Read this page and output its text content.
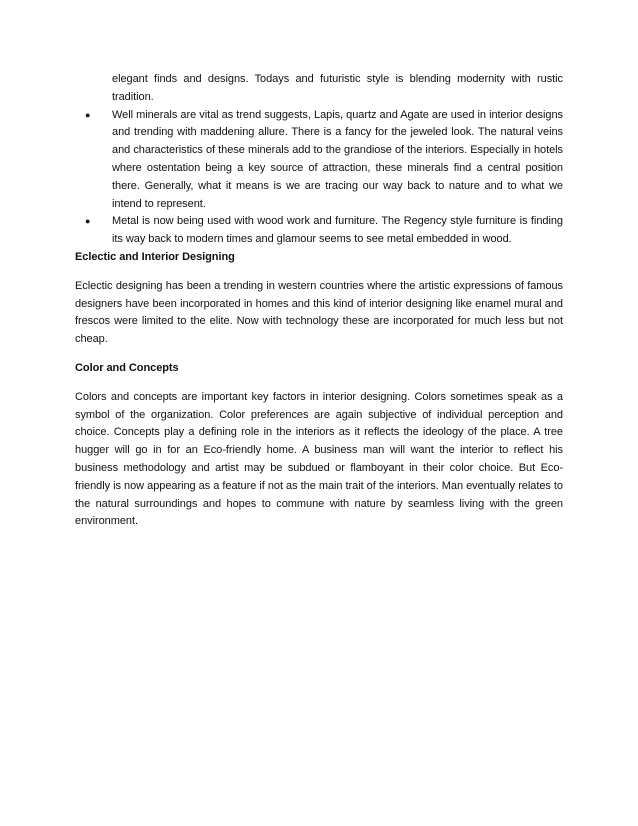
elegant finds and designs. Todays and futuristic style is blending modernity with rustic tradition.
● Well minerals are vital as trend suggests, Lapis, quartz and Agate are used in interior designs and trending with maddening allure. There is a fancy for the jeweled look. The natural veins and characteristics of these minerals add to the grandiose of the interiors. Especially in hotels where ostentation being a key source of attraction, these minerals find a central position there. Generally, what it means is we are tracing our way back to nature and to what we intend to represent.
● Metal is now being used with wood work and furniture. The Regency style furniture is finding its way back to modern times and glamour seems to see metal embedded in wood.
Eclectic and Interior Designing

Eclectic designing has been a trending in western countries where the artistic expressions of famous designers have been incorporated in homes and this kind of interior designing like enamel mural and frescos were limited to the elite. Now with technology these are incorporated for much less but not cheap.

Color and Concepts

Colors and concepts are important key factors in interior designing. Colors sometimes speak as a symbol of the organization. Color preferences are again subjective of individual perception and choice. Concepts play a defining role in the interiors as it reflects the ideology of the place. A tree hugger will go in for an Eco-friendly home. A business man will want the interior to reflect his business methodology and artist may be subdued or flamboyant in their color choice. But Eco-friendly is now appearing as a feature if not as the main trait of the interiors. Man eventually relates to the natural surroundings and hopes to commune with nature by seamless living with the green environment.
